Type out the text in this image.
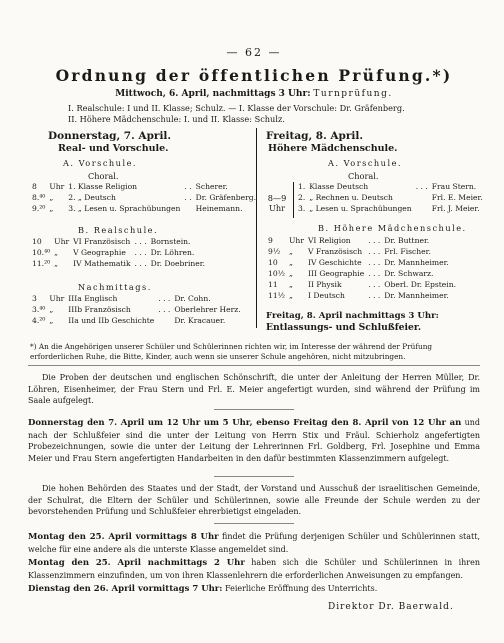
— 62 —
Ordnung der öffentlichen Prüfung.*)
Mittwoch, 6. April, nachmittags 3 Uhr: Turnprüfung.
I. Realschule: I und II. Klasse; Schulz. — I. Klasse der Vorschule: Dr. Gräfenberg.
II. Höhere Mädchenschule: I. und II. Klasse: Schulz.
Donnerstag, 7. April.
Real- und Vorschule.
A. Vorschule.
Choral.
8	Uhr	1. Klasse Religion	. .	Scherer.
8.⁴⁰	„	2. „ Deutsch	. .	Dr. Gräfenberg.
9.²⁰	„	3. „ Lesen u. Sprachübungen		Heinemann.
B. Realschule.
10	Uhr	VI Französisch	. . .	Bornstein.
10.⁴⁰	„	V Geographie	. . .	Dr. Löhren.
11.²⁰	„	IV Mathematik	. . .	Dr. Doebriner.
Nachmittags.
3	Uhr	IIIa Englisch	. . .	Dr. Cohn.
3.⁴⁰	„	IIIb Französisch	. . .	Oberlehrer Herz.
4.²⁰	„	IIa und IIb Geschichte		Dr. Kracauer.
Freitag, 8. April.
Höhere Mädchenschule.
A. Vorschule.
Choral.
8—9 Uhr
1.	Klasse Deutsch	. . .	Frau Stern.
2.	„ Rechnen u. Deutsch		Frl. E. Meier.
3.	„ Lesen u. Sprachübungen		Frl. J. Meier.
B. Höhere Mädchenschule.
9	Uhr	VI Religion	. . .	Dr. Buttner.
9½	„	V Französisch	. . .	Frl. Fischer.
10	„	IV Geschichte	. . .	Dr. Mannheimer.
10½	„	III Geographie	. . .	Dr. Schwarz.
11	„	II Physik	. . .	Oberl. Dr. Epstein.
11½	„	I Deutsch	. . .	Dr. Mannheimer.
Freitag, 8. April nachmittags 3 Uhr:
Entlassungs- und Schlußfeier.
*) An die Angehörigen unserer Schüler und Schülerinnen richten wir, im Interesse der während der Prüfung erforderlichen Ruhe, die Bitte, Kinder, auch wenn sie unserer Schule angehören, nicht mitzubringen.
Die Proben der deutschen und englischen Schönschrift, die unter der Anleitung der Herren Müller, Dr. Löhren, Eisenheimer, der Frau Stern und Frl. E. Meier angefertigt wurden, sind während der Prüfung im Saale aufgelegt.
Donnerstag den 7. April um 12 Uhr um 5 Uhr, ebenso Freitag den 8. April von 12 Uhr an und nach der Schlußfeier sind die unter der Leitung von Herrn Stix und Fräul. Schierholz angefertigten Probezeichnungen, sowie die unter der Leitung der Lehrerinnen Frl. Goldberg, Frl. Josephine und Emma Meier und Frau Stern angefertigten Handarbeiten in den dafür bestimmten Klassenzimmern aufgelegt.
Die hohen Behörden des Staates und der Stadt, der Vorstand und Ausschuß der israelitischen Gemeinde, der Schulrat, die Eltern der Schüler und Schülerinnen, sowie alle Freunde der Schule werden zu der bevorstehenden Prüfung und Schlußfeier ehrerbietigst eingeladen.
Montag den 25. April vormittags 8 Uhr findet die Prüfung derjenigen Schüler und Schülerinnen statt, welche für eine andere als die unterste Klasse angemeldet sind.
Montag den 25. April nachmittags 2 Uhr haben sich die Schüler und Schülerinnen in ihren Klassenzimmern einzufinden, um von ihren Klassenlehrern die erforderlichen Anweisungen zu empfangen.
Dienstag den 26. April vormittags 7 Uhr: Feierliche Eröffnung des Unterrichts.
Direktor Dr. Baerwald.
